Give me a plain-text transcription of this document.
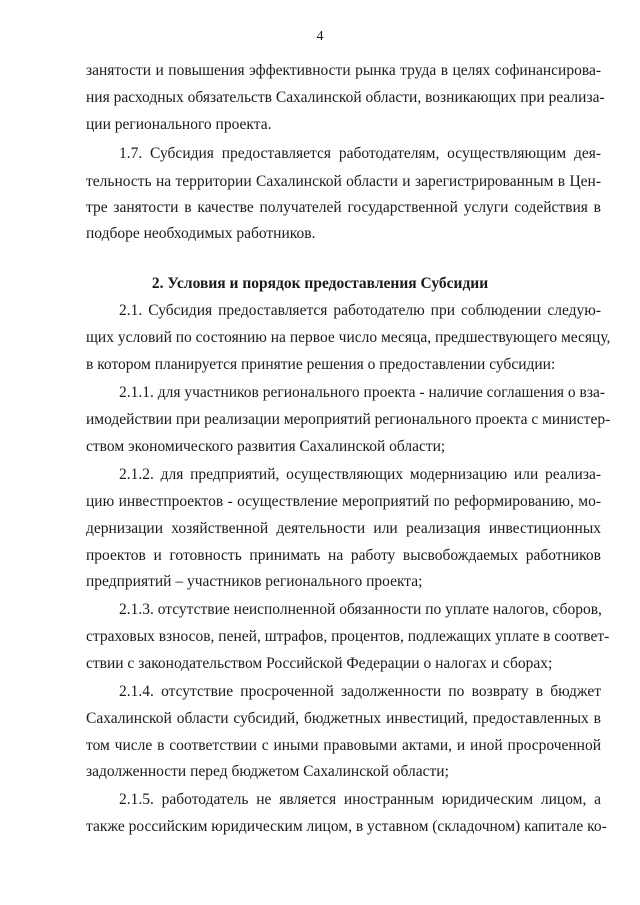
4
занятости и повышения эффективности рынка труда в целях софинансирова-
ния расходных обязательств Сахалинской области, возникающих при реализа-
ции регионального проекта.
1.7. Субсидия предоставляется работодателям, осуществляющим дея-
тельность на территории Сахалинской области и зарегистрированным в Цен-
тре занятости в качестве получателей государственной услуги содействия в
подборе необходимых работников.
2. Условия и порядок предоставления Субсидии
2.1. Субсидия предоставляется работодателю при соблюдении следую-
щих условий по состоянию на первое число месяца, предшествующего месяцу,
в котором планируется принятие решения о предоставлении субсидии:
2.1.1. для участников регионального проекта - наличие соглашения о вза-
имодействии при реализации мероприятий регионального проекта с министер-
ством экономического развития Сахалинской области;
2.1.2. для предприятий, осуществляющих модернизацию или реализа-
цию инвестпроектов - осуществление мероприятий по реформированию, мо-
дернизации хозяйственной деятельности или реализация инвестиционных
проектов и готовность принимать на работу высвобождаемых работников
предприятий – участников регионального проекта;
2.1.3. отсутствие неисполненной обязанности по уплате налогов, сборов,
страховых взносов, пеней, штрафов, процентов, подлежащих уплате в соответ-
ствии с законодательством Российской Федерации о налогах и сборах;
2.1.4. отсутствие просроченной задолженности по возврату в бюджет
Сахалинской области субсидий, бюджетных инвестиций, предоставленных в
том числе в соответствии с иными правовыми актами, и иной просроченной
задолженности перед бюджетом Сахалинской области;
2.1.5. работодатель не является иностранным юридическим лицом, а
также российским юридическим лицом, в уставном (складочном) капитале ко-
